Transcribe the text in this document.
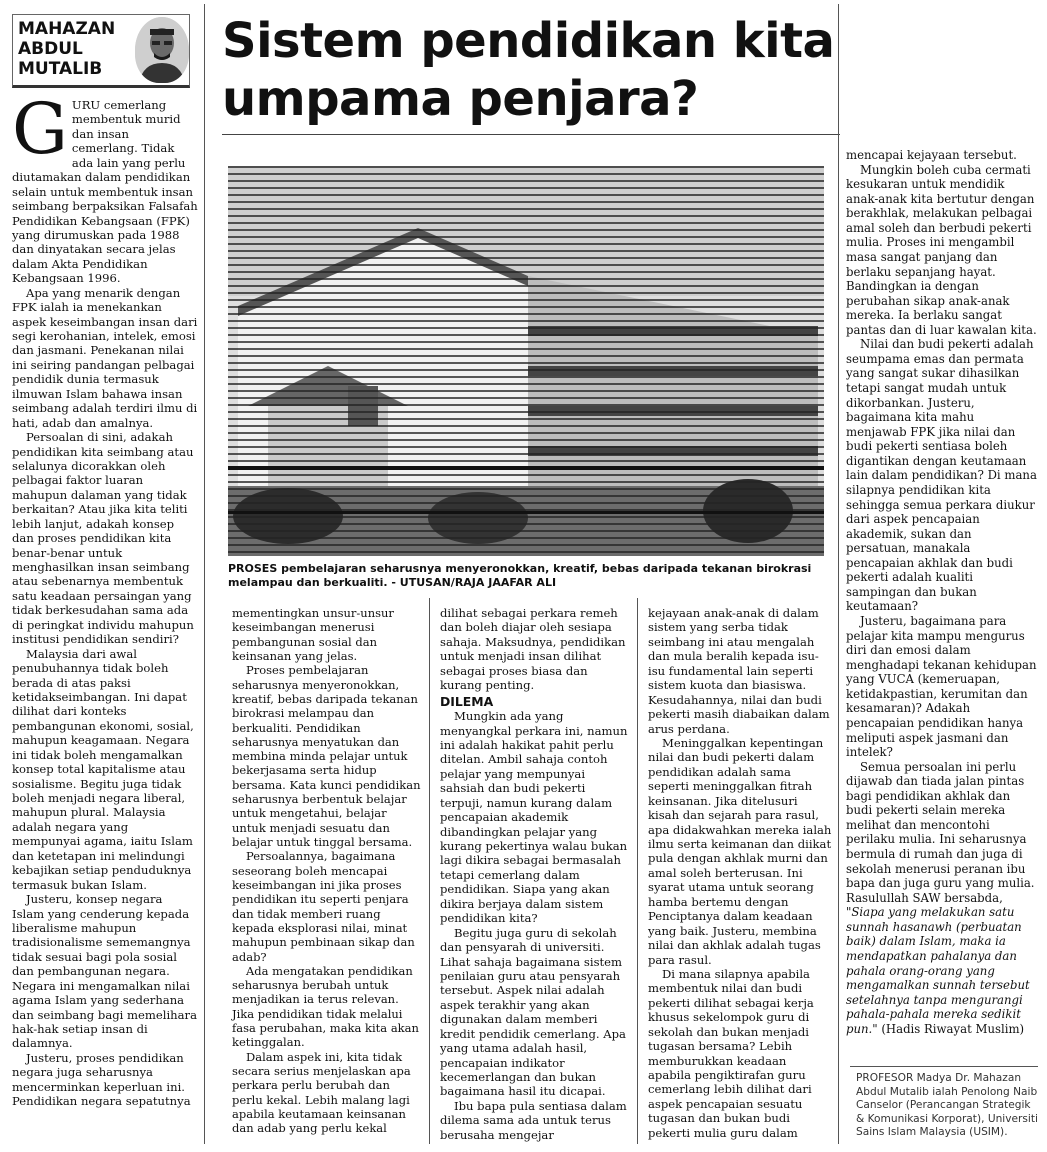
MAHAZAN ABDUL MUTALIB	Sistem pendidikan kita umpama penjara?

GURU cemerlang membentuk murid dan insan cemerlang. Tidak ada lain yang perlu diutamakan dalam pendidikan selain untuk membentuk insan seimbang berpaksikan Falsafah Pendidikan Kebangsaan (FPK) yang dirumuskan pada 1988 dan dinyatakan secara jelas dalam Akta Pendidikan Kebangsaan 1996.

Apa yang menarik dengan FPK ialah ia menekankan aspek keseimbangan insan dari segi kerohanian, intelek, emosi dan jasmani. Penekanan nilai ini seiring pandangan pelbagai pendidik dunia termasuk ilmuwan Islam bahawa insan seimbang adalah terdiri ilmu di hati, adab dan amalnya.

Persoalan di sini, adakah pendidikan kita seimbang atau selalunya dicorakkan oleh pelbagai faktor luaran mahupun dalaman yang tidak berkaitan? Atau jika kita teliti lebih lanjut, adakah konsep dan proses pendidikan kita benar-benar untuk menghasilkan insan seimbang atau sebenarnya membentuk satu keadaan persaingan yang tidak berkesudahan sama ada di peringkat individu mahupun institusi pendidikan sendiri?

Malaysia dari awal penubuhannya tidak boleh berada di atas paksi ketidakseimbangan. Ini dapat dilihat dari konteks pembangunan ekonomi, sosial, mahupun keagamaan. Negara ini tidak boleh mengamalkan konsep total kapitalisme atau sosialisme. Begitu juga tidak boleh menjadi negara liberal, mahupun plural. Malaysia adalah negara yang mempunyai agama, iaitu Islam dan ketetapan ini melindungi kebajikan setiap penduduknya termasuk bukan Islam.

Justeru, konsep negara Islam yang cenderung kepada liberalisme mahupun tradisionalisme sememangnya tidak sesuai bagi pola sosial dan pembangunan negara. Negara ini mengamalkan nilai agama Islam yang sederhana dan seimbang bagi memelihara hak-hak setiap insan di dalamnya.

Justeru, proses pendidikan negara juga seharusnya mencerminkan keperluan ini. Pendidikan negara sepatutnya

PROSES pembelajaran seharusnya menyeronokkan, kreatif, bebas daripada tekanan birokrasi melampau dan berkualiti. - UTUSAN/RAJA JAAFAR ALI

mementingkan unsur-unsur keseimbangan menerusi pembangunan sosial dan keinsanan yang jelas.

Proses pembelajaran seharusnya menyeronokkan, kreatif, bebas daripada tekanan birokrasi melampau dan berkualiti. Pendidikan seharusnya menyatukan dan membina minda pelajar untuk bekerjasama serta hidup bersama. Kata kunci pendidikan seharusnya berbentuk belajar untuk mengetahui, belajar untuk menjadi sesuatu dan belajar untuk tinggal bersama.

Persoalannya, bagaimana seseorang boleh mencapai keseimbangan ini jika proses pendidikan itu seperti penjara dan tidak memberi ruang kepada eksplorasi nilai, minat mahupun pembinaan sikap dan adab?

Ada mengatakan pendidikan seharusnya berubah untuk menjadikan ia terus relevan. Jika pendidikan tidak melalui fasa perubahan, maka kita akan ketinggalan.

Dalam aspek ini, kita tidak secara serius menjelaskan apa perkara perlu berubah dan perlu kekal. Lebih malang lagi apabila keutamaan keinsanan dan adab yang perlu kekal

dilihat sebagai perkara remeh dan boleh diajar oleh sesiapa sahaja. Maksudnya, pendidikan untuk menjadi insan dilihat sebagai proses biasa dan kurang penting.

DILEMA

Mungkin ada yang menyangkal perkara ini, namun ini adalah hakikat pahit perlu ditelan. Ambil sahaja contoh pelajar yang mempunyai sahsiah dan budi pekerti terpuji, namun kurang dalam pencapaian akademik dibandingkan pelajar yang kurang pekertinya walau bukan lagi dikira sebagai bermasalah tetapi cemerlang dalam pendidikan. Siapa yang akan dikira berjaya dalam sistem pendidikan kita?

Begitu juga guru di sekolah dan pensyarah di universiti. Lihat sahaja bagaimana sistem penilaian guru atau pensyarah tersebut. Aspek nilai adalah aspek terakhir yang akan digunakan dalam memberi kredit pendidik cemerlang. Apa yang utama adalah hasil, pencapaian indikator kecemerlangan dan bukan bagaimana hasil itu dicapai.

Ibu bapa pula sentiasa dalam dilema sama ada untuk terus berusaha mengejar

kejayaan anak-anak di dalam sistem yang serba tidak seimbang ini atau mengalah dan mula beralih kepada isu-isu fundamental lain seperti sistem kuota dan biasiswa. Kesudahannya, nilai dan budi pekerti masih diabaikan dalam arus perdana.

Meninggalkan kepentingan nilai dan budi pekerti dalam pendidikan adalah sama seperti meninggalkan fitrah keinsanan. Jika ditelusuri kisah dan sejarah para rasul, apa didakwahkan mereka ialah ilmu serta keimanan dan diikat pula dengan akhlak murni dan amal soleh berterusan. Ini syarat utama untuk seorang hamba bertemu dengan Penciptanya dalam keadaan yang baik. Justeru, membina nilai dan akhlak adalah tugas para rasul.

Di mana silapnya apabila membentuk nilai dan budi pekerti dilihat sebagai kerja khusus sekelompok guru di sekolah dan bukan menjadi tugasan bersama? Lebih memburukkan keadaan apabila pengiktirafan guru cemerlang lebih dilihat dari aspek pencapaian sesuatu tugasan dan bukan budi pekerti mulia guru dalam

mencapai kejayaan tersebut.

Mungkin boleh cuba cermati kesukaran untuk mendidik anak-anak kita bertutur dengan berakhlak, melakukan pelbagai amal soleh dan berbudi pekerti mulia. Proses ini mengambil masa sangat panjang dan berlaku sepanjang hayat. Bandingkan ia dengan perubahan sikap anak-anak mereka. Ia berlaku sangat pantas dan di luar kawalan kita.

Nilai dan budi pekerti adalah seumpama emas dan permata yang sangat sukar dihasilkan tetapi sangat mudah untuk dikorbankan. Justeru, bagaimana kita mahu menjawab FPK jika nilai dan budi pekerti sentiasa boleh digantikan dengan keutamaan lain dalam pendidikan? Di mana silapnya pendidikan kita sehingga semua perkara diukur dari aspek pencapaian akademik, sukan dan persatuan, manakala pencapaian akhlak dan budi pekerti adalah kualiti sampingan dan bukan keutamaan?

Justeru, bagaimana para pelajar kita mampu mengurus diri dan emosi dalam menghadapi tekanan kehidupan yang VUCA (kemeruapan, ketidakpastian, kerumitan dan kesamaran)? Adakah pencapaian pendidikan hanya meliputi aspek jasmani dan intelek?

Semua persoalan ini perlu dijawab dan tiada jalan pintas bagi pendidikan akhlak dan budi pekerti selain mereka melihat dan mencontohi perilaku mulia. Ini seharusnya bermula di rumah dan juga di sekolah menerusi peranan ibu bapa dan juga guru yang mulia. Rasulullah SAW bersabda, "Siapa yang melakukan satu sunnah hasanawh (perbuatan baik) dalam Islam, maka ia mendapatkan pahalanya dan pahala orang-orang yang mengamalkan sunnah tersebut setelahnya tanpa mengurangi pahala-pahala mereka sedikit pun." (Hadis Riwayat Muslim)

PROFESOR Madya Dr. Mahazan Abdul Mutalib ialah Penolong Naib Canselor (Perancangan Strategik & Komunikasi Korporat), Universiti Sains Islam Malaysia (USIM).
